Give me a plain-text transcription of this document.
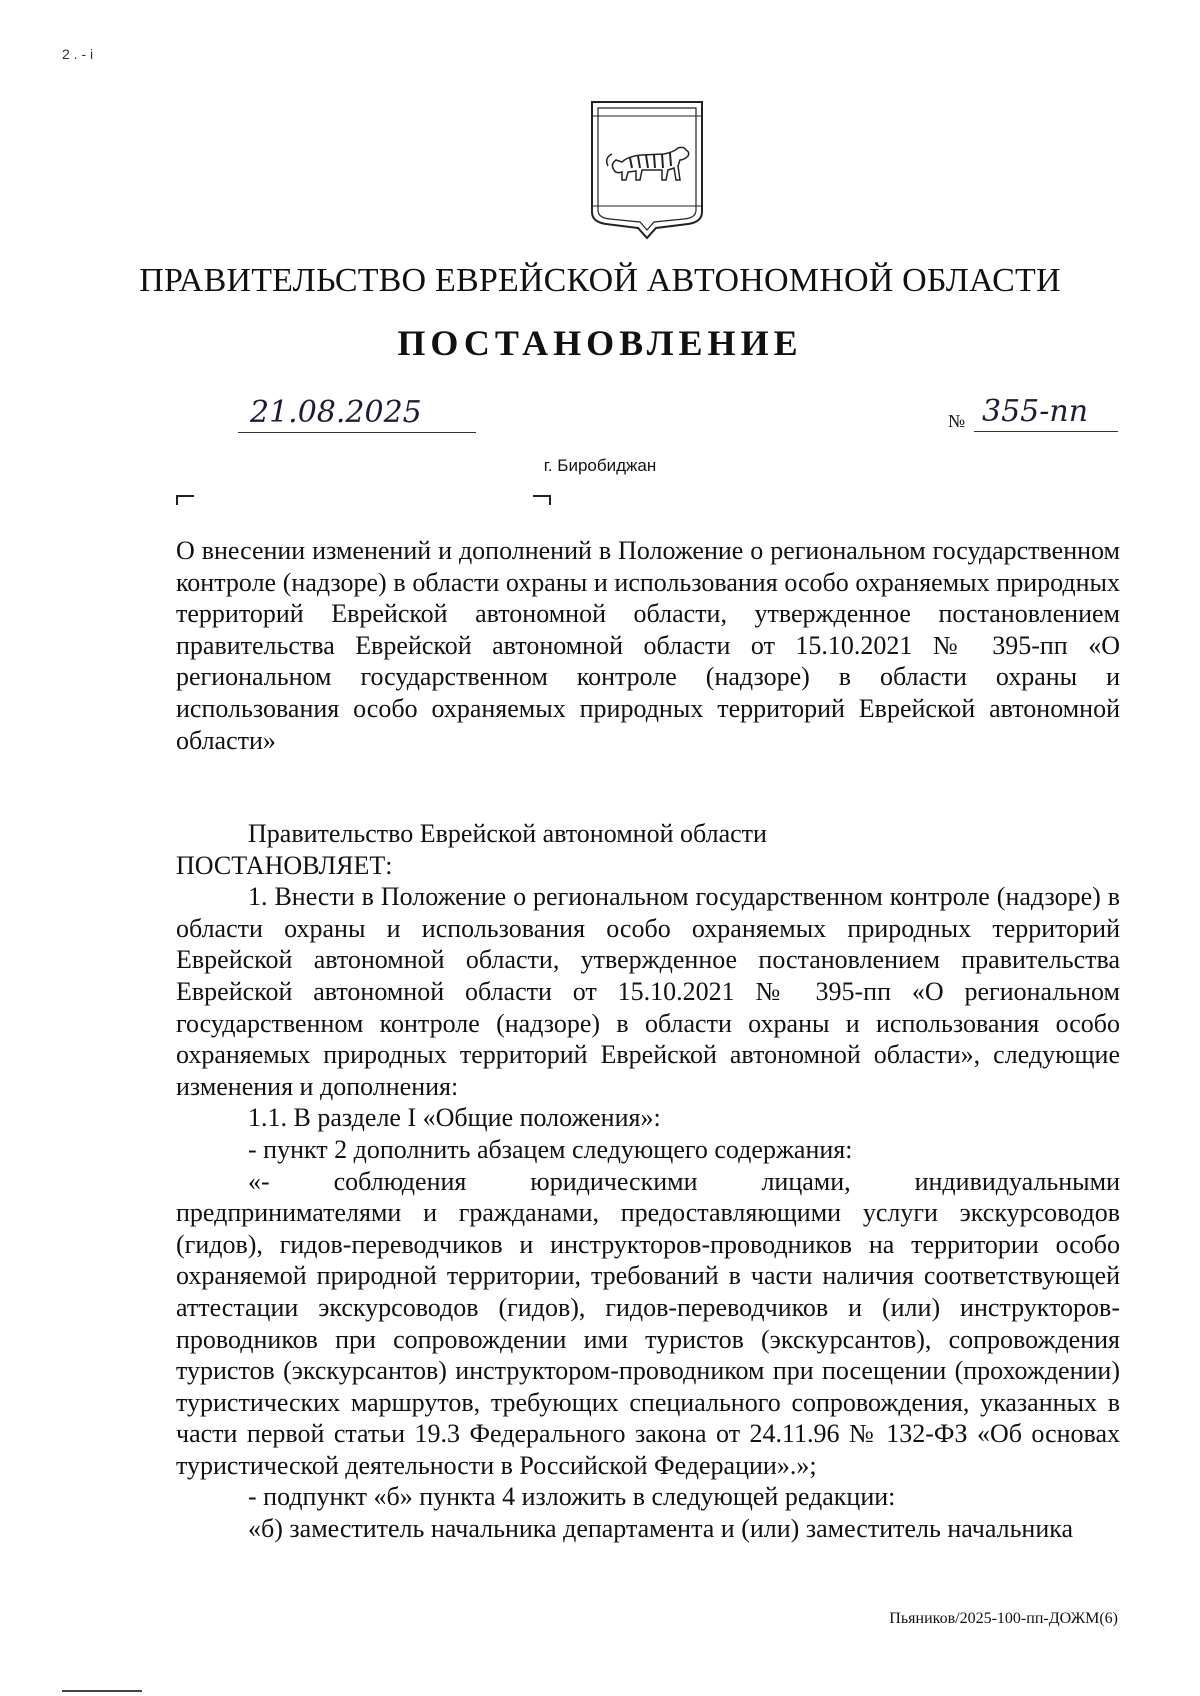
2 . - i
ПРАВИТЕЛЬСТВО ЕВРЕЙСКОЙ АВТОНОМНОЙ ОБЛАСТИ
ПОСТАНОВЛЕНИЕ
21.08.2025	№ 355-пп
г. Биробиджан
О внесении изменений и дополнений в Положение о региональном государственном контроле (надзоре) в области охраны и использования особо охраняемых природных территорий Еврейской автономной области, утвержденное постановлением правительства Еврейской автономной области от 15.10.2021 № 395-пп «О региональном государственном контроле (надзоре) в области охраны и использования особо охраняемых природных территорий Еврейской автономной области»

Правительство Еврейской автономной области

ПОСТАНОВЛЯЕТ:

1. Внести в Положение о региональном государственном контроле (надзоре) в области охраны и использования особо охраняемых природных территорий Еврейской автономной области, утвержденное постановлением правительства Еврейской автономной области от 15.10.2021 № 395-пп «О региональном государственном контроле (надзоре) в области охраны и использования особо охраняемых природных территорий Еврейской автономной области», следующие изменения и дополнения:

1.1. В разделе I «Общие положения»:

- пункт 2 дополнить абзацем следующего содержания:

«- соблюдения юридическими лицами, индивидуальными предпринимателями и гражданами, предоставляющими услуги экскурсоводов (гидов), гидов-переводчиков и инструкторов-проводников на территории особо охраняемой природной территории, требований в части наличия соответствующей аттестации экскурсоводов (гидов), гидов-переводчиков и (или) инструкторов-проводников при сопровождении ими туристов (экскурсантов), сопровождения туристов (экскурсантов) инструктором-проводником при посещении (прохождении) туристических маршрутов, требующих специального сопровождения, указанных в части первой статьи 19.3 Федерального закона от 24.11.96 № 132-ФЗ «Об основах туристической деятельности в Российской Федерации».»;

- подпункт «б» пункта 4 изложить в следующей редакции:

«б) заместитель начальника департамента и (или) заместитель начальника

Пьяников/2025-100-пп-ДОЖМ(6)
